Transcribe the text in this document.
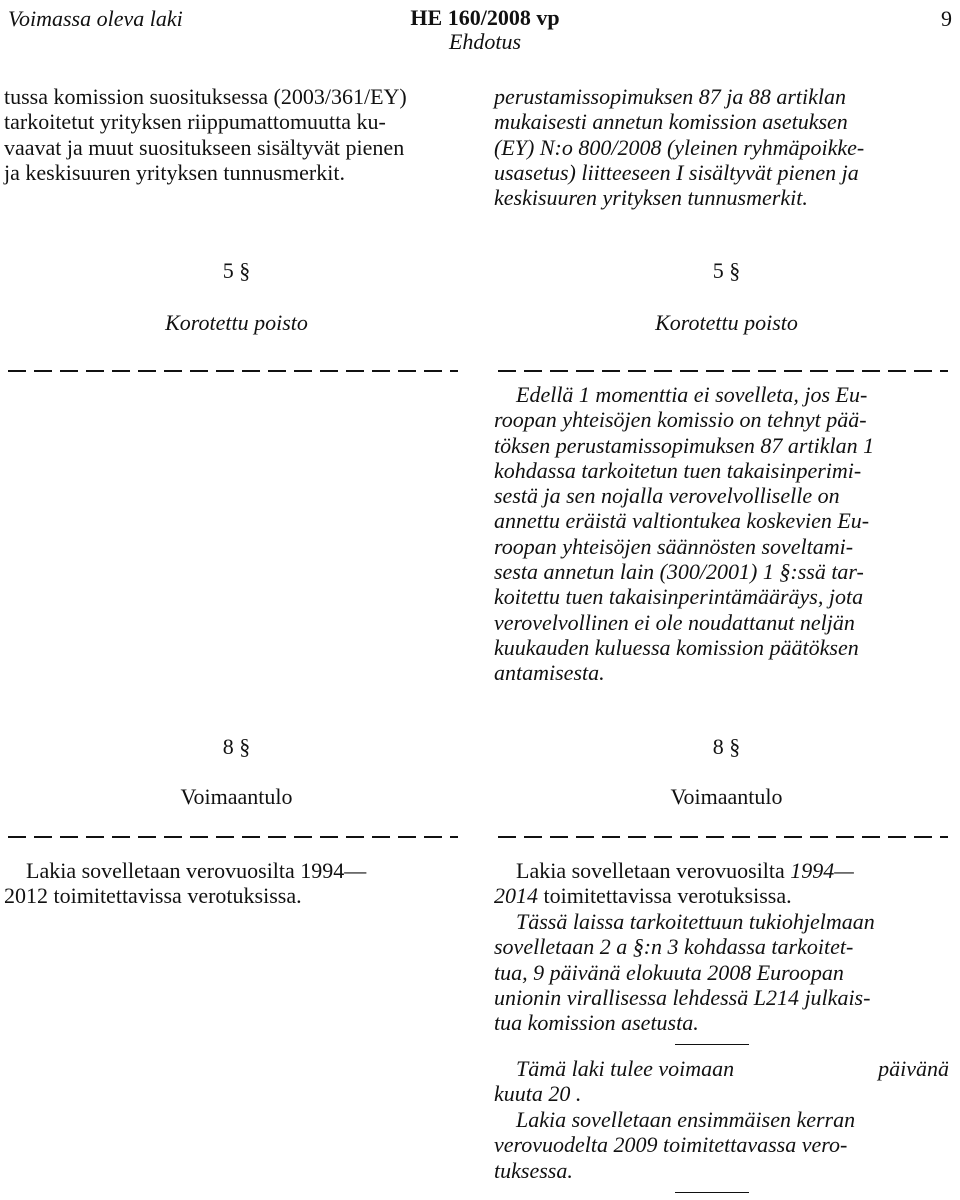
Voimassa oleva laki	HE 160/2008 vp
Ehdotus
9
tussa komission suosituksessa (2003/361/EY)
tarkoitetut yrityksen riippumattomuutta ku-
vaavat ja muut suositukseen sisältyvät pienen
ja keskisuuren yrityksen tunnusmerkit.
5 §
Korotettu poisto
8 §
Voimaantulo
Lakia sovelletaan verovuosilta 1994—
2012 toimitettavissa verotuksissa.
perustamissopimuksen 87 ja 88 artiklan
mukaisesti annetun komission asetuksen
(EY) N:o 800/2008 (yleinen ryhmäpoikke-
usasetus) liitteeseen I sisältyvät pienen ja
keskisuuren yrityksen tunnusmerkit.
5 §
Korotettu poisto
Edellä 1 momenttia ei sovelleta, jos Eu-
roopan yhteisöjen komissio on tehnyt pää-
töksen perustamissopimuksen 87 artiklan 1
kohdassa tarkoitetun tuen takaisinperimi-
sestä ja sen nojalla verovelvolliselle on
annettu eräistä valtiontukea koskevien Eu-
roopan yhteisöjen säännösten soveltami-
sesta annetun lain (300/2001) 1 §:ssä tar-
koitettu tuen takaisinperintämääräys, jota
verovelvollinen ei ole noudattanut neljän
kuukauden kuluessa komission päätöksen
antamisesta.
8 §
Voimaantulo
Lakia sovelletaan verovuosilta 1994—
2014 toimitettavissa verotuksissa.
Tässä laissa tarkoitettuun tukiohjelmaan
sovelletaan 2 a §:n 3 kohdassa tarkoitet-
tua, 9 päivänä elokuuta 2008 Euroopan
unionin virallisessa lehdessä L214 julkais-
tua komission asetusta.
Tämä laki tulee voimaan	päivänä
kuuta 20 .
Lakia sovelletaan ensimmäisen kerran
verovuodelta 2009 toimitettavassa vero-
tuksessa.
